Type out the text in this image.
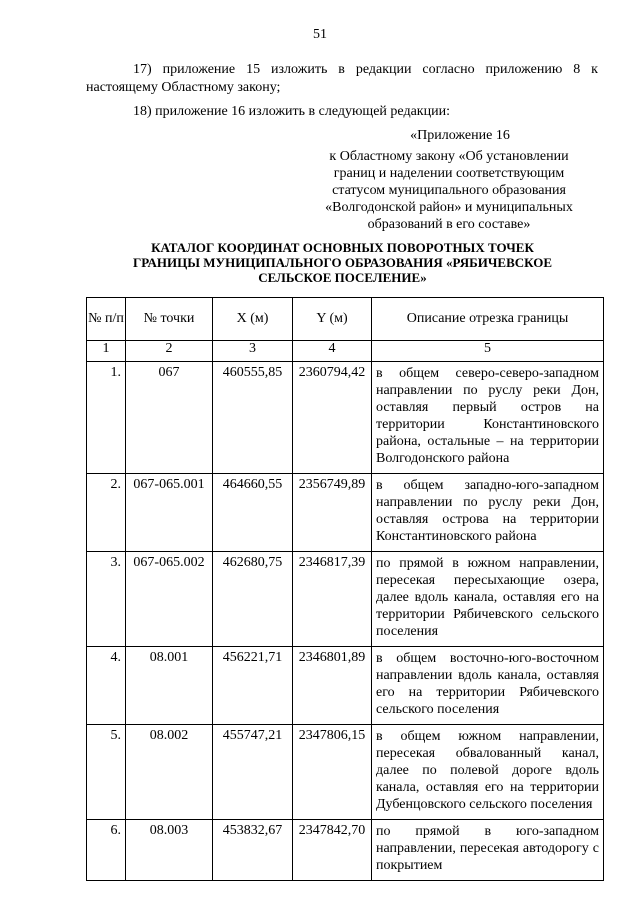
51
17) приложение 15 изложить в редакции согласно приложению 8 к настоящему Областному закону;
18) приложение 16 изложить в следующей редакции:
«Приложение 16
к Областному закону «Об установлении границ и наделении соответствующим статусом муниципального образования «Волгодонской район» и муниципальных образований в его составе»
КАТАЛОГ КООРДИНАТ ОСНОВНЫХ ПОВОРОТНЫХ ТОЧЕК ГРАНИЦЫ МУНИЦИПАЛЬНОГО ОБРАЗОВАНИЯ «РЯБИЧЕВСКОЕ СЕЛЬСКОЕ ПОСЕЛЕНИЕ»
№ п/п	№ точки	X (м)	Y (м)	Описание отрезка границы
1	2	3	4	5
1.	067	460555,85	2360794,42	в общем северо-северо-западном направлении по руслу реки Дон, оставляя первый остров на территории Константиновского района, остальные – на территории Волгодонского района
2.	067-065.001	464660,55	2356749,89	в общем западно-юго-западном направлении по руслу реки Дон, оставляя острова на территории Константиновского района
3.	067-065.002	462680,75	2346817,39	по прямой в южном направлении, пересекая пересыхающие озера, далее вдоль канала, оставляя его на территории Рябичевского сельского поселения
4.	08.001	456221,71	2346801,89	в общем восточно-юго-восточном направлении вдоль канала, оставляя его на территории Рябичевского сельского поселения
5.	08.002	455747,21	2347806,15	в общем южном направлении, пересекая обвалованный канал, далее по полевой дороге вдоль канала, оставляя его на территории Дубенцовского сельского поселения
6.	08.003	453832,67	2347842,70	по прямой в юго-западном направлении, пересекая автодорогу с покрытием
